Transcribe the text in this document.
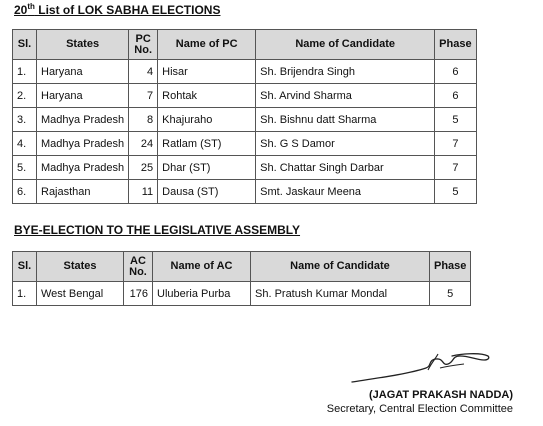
20th List of LOK SABHA ELECTIONS
Sl.	States	PC No.	Name of PC	Name of Candidate	Phase
1.	Haryana	4	Hisar	Sh. Brijendra Singh	6
2.	Haryana	7	Rohtak	Sh. Arvind Sharma	6
3.	Madhya Pradesh	8	Khajuraho	Sh. Bishnu datt Sharma	5
4.	Madhya Pradesh	24	Ratlam (ST)	Sh. G S Damor	7
5.	Madhya Pradesh	25	Dhar (ST)	Sh. Chattar Singh Darbar	7
6.	Rajasthan	11	Dausa (ST)	Smt. Jaskaur Meena	5
BYE-ELECTION TO THE LEGISLATIVE ASSEMBLY
Sl.	States	AC No.	Name of AC	Name of Candidate	Phase
1.	West Bengal	176	Uluberia Purba	Sh. Pratush Kumar Mondal	5
(JAGAT PRAKASH NADDA)
Secretary, Central Election Committee
